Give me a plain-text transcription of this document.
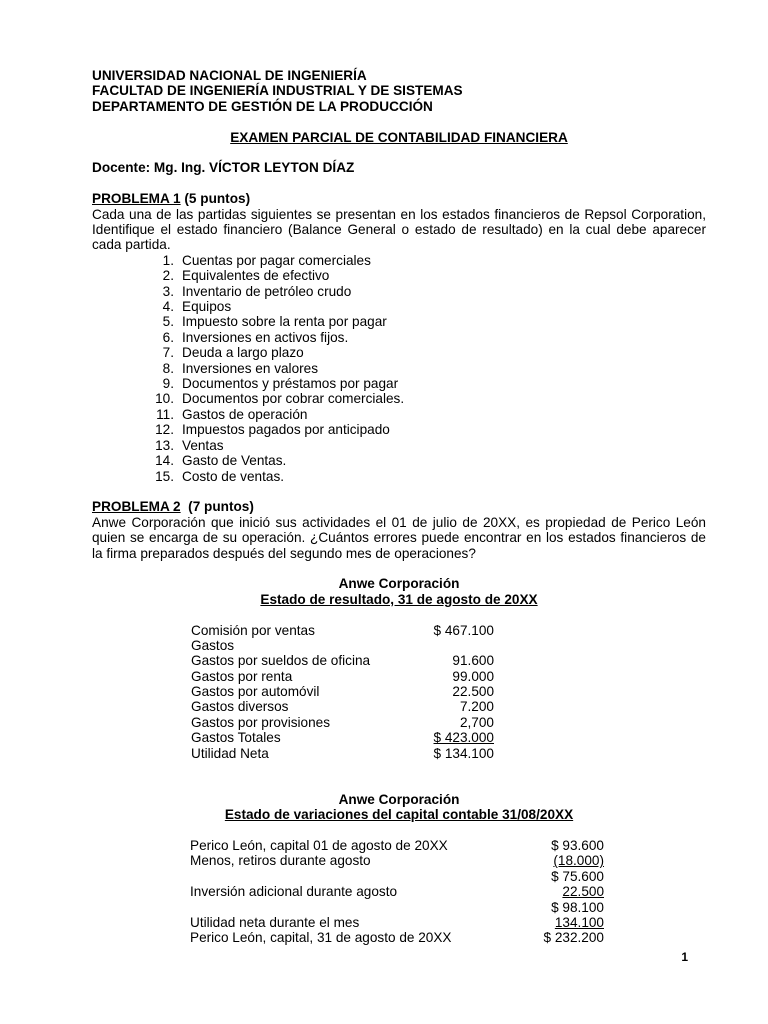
UNIVERSIDAD NACIONAL DE INGENIERÍA
FACULTAD DE INGENIERÍA INDUSTRIAL Y DE SISTEMAS
DEPARTAMENTO DE GESTIÓN DE LA PRODUCCIÓN
EXAMEN PARCIAL DE CONTABILIDAD FINANCIERA
Docente: Mg. Ing. VÍCTOR LEYTON DÍAZ
PROBLEMA 1 (5 puntos)
Cada una de las partidas siguientes se presentan en los estados financieros de Repsol Corporation, Identifique el estado financiero (Balance General o estado de resultado) en la cual debe aparecer cada partida.
1. Cuentas por pagar comerciales
2. Equivalentes de efectivo
3. Inventario de petróleo crudo
4. Equipos
5. Impuesto sobre la renta por pagar
6. Inversiones en activos fijos.
7. Deuda a largo plazo
8. Inversiones en valores
9. Documentos y préstamos por pagar
10. Documentos por cobrar comerciales.
11. Gastos de operación
12. Impuestos pagados por anticipado
13. Ventas
14. Gasto de Ventas.
15. Costo de ventas.
PROBLEMA 2  (7 puntos)
Anwe Corporación que inició sus actividades el 01 de julio de 20XX, es propiedad de Perico León quien se encarga de su operación. ¿Cuántos errores puede encontrar en los estados financieros de la firma preparados después del segundo mes de operaciones?
Anwe Corporación
Estado de resultado, 31 de agosto de 20XX
Comisión por ventas	$ 467.100
Gastos
Gastos por sueldos de oficina	91.600
Gastos por renta	99.000
Gastos por automóvil	22.500
Gastos diversos	7.200
Gastos por provisiones	2,700
Gastos Totales	$ 423.000
Utilidad Neta	$ 134.100
Anwe Corporación
Estado de variaciones del capital contable 31/08/20XX
Perico León, capital 01 de agosto de 20XX	$ 93.600
Menos, retiros durante agosto	(18.000)
$ 75.600
Inversión adicional durante agosto	22.500
$ 98.100
Utilidad neta durante el mes	134.100
Perico León, capital, 31 de agosto de 20XX	$ 232.200
1
